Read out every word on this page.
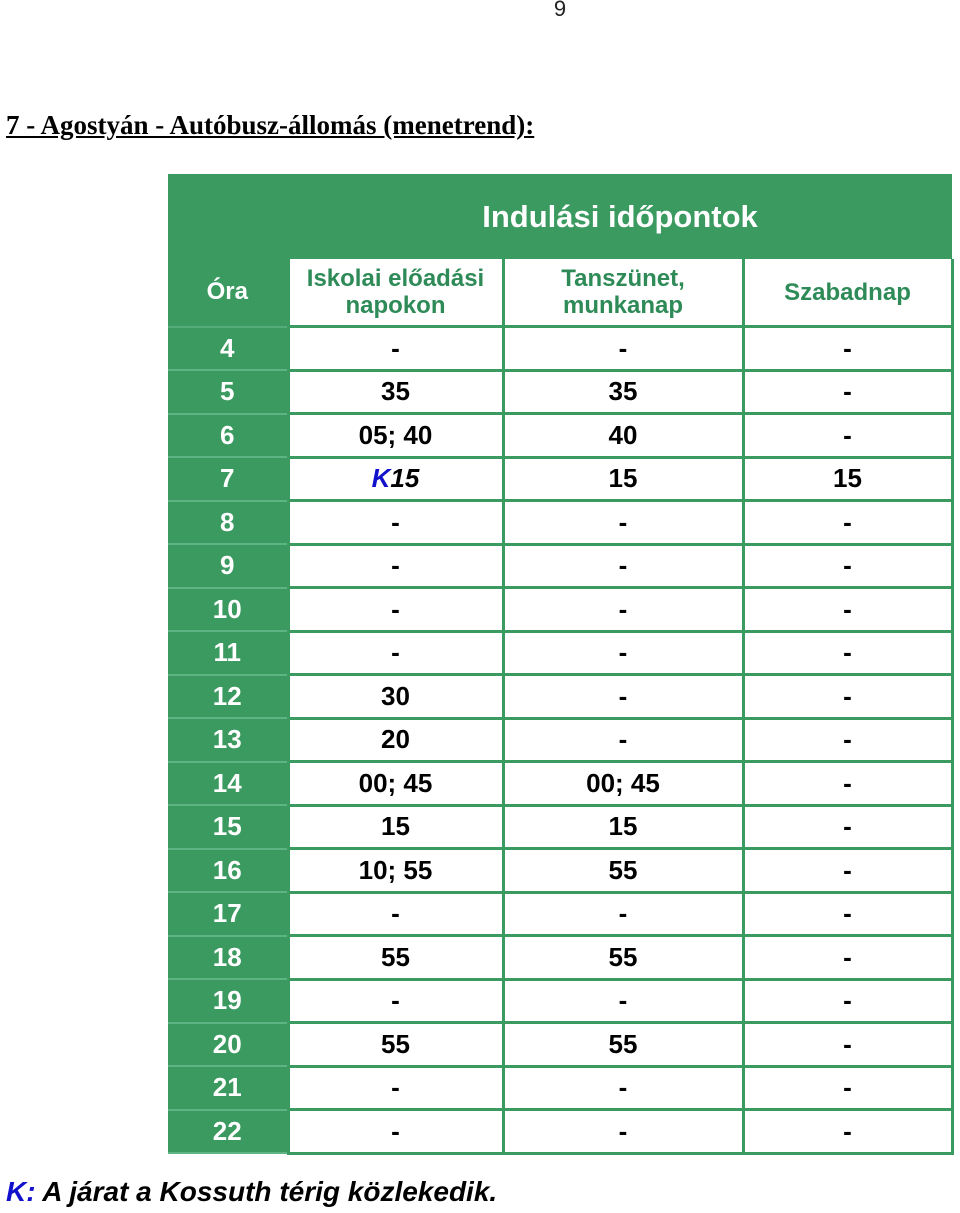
9
7 - Agostyán - Autóbusz-állomás (menetrend):
	Indulási időpontok		
Óra	Iskolai előadási napokon	Tanszünet, munkanap	Szabadnap
4	-	-	-
5	35	35	-
6	05; 40	40	-
7	K15	15	15
8	-	-	-
9	-	-	-
10	-	-	-
11	-	-	-
12	30	-	-
13	20	-	-
14	00; 45	00; 45	-
15	15	15	-
16	10; 55	55	-
17	-	-	-
18	55	55	-
19	-	-	-
20	55	55	-
21	-	-	-
22	-	-	-
K: A járat a Kossuth térig közlekedik.
